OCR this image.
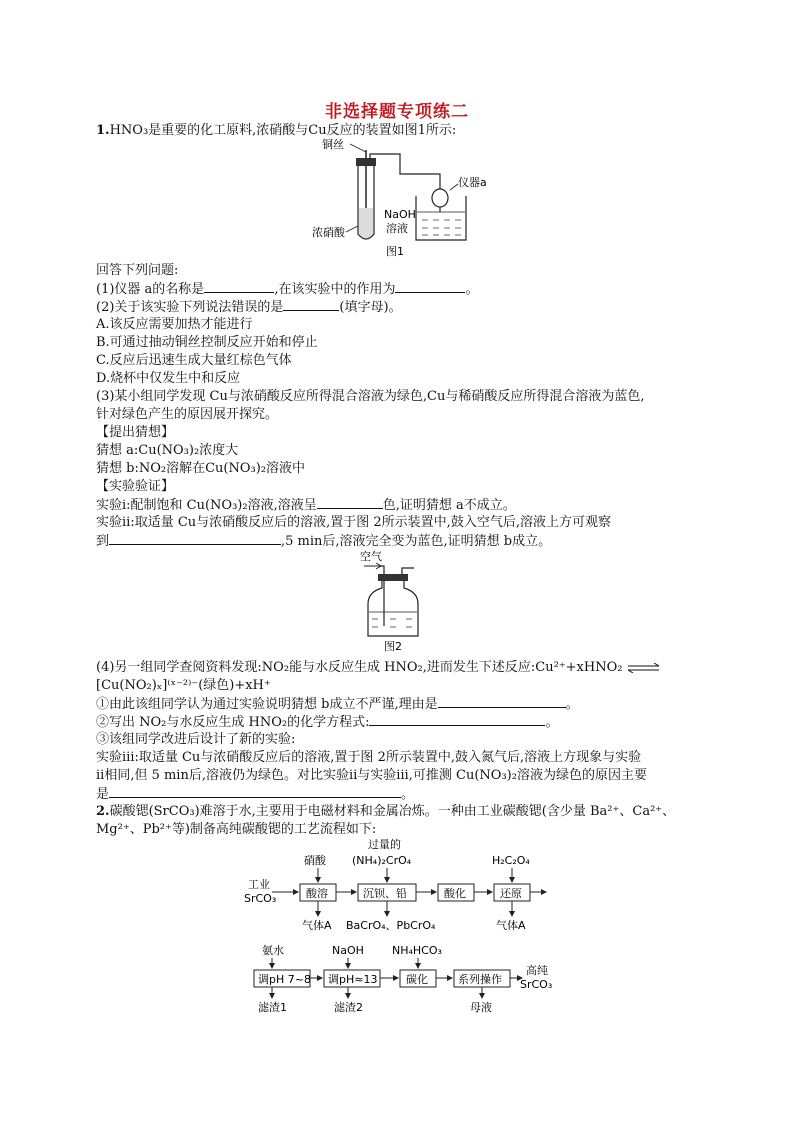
非选择题专项练二
1.HNO₃是重要的化工原料,浓硝酸与Cu反应的装置如图1所示:
铜丝
仪器a
NaOH
溶液
浓硝酸
图1
回答下列问题:
(1)仪器 a的名称是	,在该实验中的作用为	。
(2)关于该实验下列说法错误的是	(填字母)。
A.该反应需要加热才能进行
B.可通过抽动铜丝控制反应开始和停止
C.反应后迅速生成大量红棕色气体
D.烧杯中仅发生中和反应
(3)某小组同学发现 Cu与浓硝酸反应所得混合溶液为绿色,Cu与稀硝酸反应所得混合溶液为蓝色,
针对绿色产生的原因展开探究。
【提出猜想】
猜想 a:Cu(NO₃)₂浓度大
猜想 b:NO₂溶解在Cu(NO₃)₂溶液中
【实验验证】
实验ⅰ:配制饱和 Cu(NO₃)₂溶液,溶液呈	色,证明猜想 a不成立。
实验ⅱ:取适量 Cu与浓硝酸反应后的溶液,置于图 2所示装置中,鼓入空气后,溶液上方可观察
到	,5 min后,溶液完全变为蓝色,证明猜想 b成立。
空气
图2
(4)另一组同学查阅资料发现:NO₂能与水反应生成 HNO₂,进而发生下述反应:Cu²⁺+xHNO₂ ⇌
[Cu(NO₂)ₓ]⁽ˣ⁻²⁾⁻(绿色)+xH⁺
①由此该组同学认为通过实验说明猜想 b成立不严谨,理由是	。
②写出 NO₂与水反应生成 HNO₂的化学方程式:	。
③该组同学改进后设计了新的实验:
实验ⅲ:取适量 Cu与浓硝酸反应后的溶液,置于图 2所示装置中,鼓入氮气后,溶液上方现象与实验
ⅱ相同,但 5 min后,溶液仍为绿色。对比实验ⅱ与实验ⅲ,可推测 Cu(NO₃)₂溶液为绿色的原因主要
是	。
2.碳酸锶(SrCO₃)难溶于水,主要用于电磁材料和金属冶炼。一种由工业碳酸锶(含少量 Ba²⁺、Ca²⁺、
Mg²⁺、Pb²⁺等)制备高纯碳酸锶的工艺流程如下:
工业
SrCO₃	酸溶
硝酸
气体A
沉钡、铅
过量的
(NH₄)₂CrO₄
BaCrO₄、PbCrO₄
酸化	还原
H₂C₂O₄
气体A
氨水
调pH 7~8
滤渣1
NaOH
调pH≈13
滤渣2
NH₄HCO₃
碳化	系列操作
母液
高纯
SrCO₃
